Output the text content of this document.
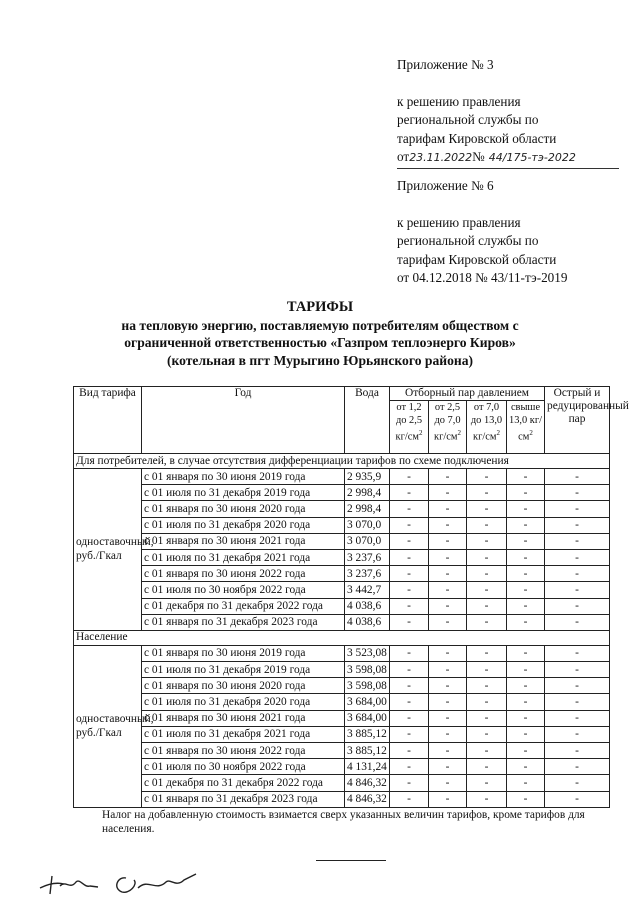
Приложение № 3
к решению правления
региональной службы по
тарифам Кировской области
от23.11.2022№ 44/175-тэ-2022
Приложение № 6
к решению правления
региональной службы по
тарифам Кировской области
от 04.12.2018 № 43/11-тэ-2019
ТАРИФЫ
на тепловую энергию, поставляемую потребителям обществом с
ограниченной ответственностью «Газпром теплоэнерго Киров»
(котельная в пгт Мурыгино Юрьянского района)
Вид тарифа	Год	Вода	Отборный пар давлением				Острый и редуцированный пар
			от 1,2 до 2,5 $кг/см^2$	от 2,5 до 7,0 $кг/см^2$	от 7,0 до 13,0 $кг/см^2$	свыше 13,0 $кг/см^2$
Для потребителей, в случае отсутствия дифференциации тарифов по схеме подключения							
одноставочный, руб./Гкал	с 01 января по 30 июня 2019 года	2 935,9	-	-	-	-	-
	с 01 июля по 31 декабря 2019 года	2 998,4	-	-	-	-	-
	с 01 января по 30 июня 2020 года	2 998,4	-	-	-	-	-
	с 01 июля по 31 декабря 2020 года	3 070,0	-	-	-	-	-
	с 01 января по 30 июня 2021 года	3 070,0	-	-	-	-	-
	с 01 июля по 31 декабря 2021 года	3 237,6	-	-	-	-	-
	с 01 января по 30 июня 2022 года	3 237,6	-	-	-	-	-
	с 01 июля по 30 ноября 2022 года	3 442,7	-	-	-	-	-
	с 01 декабря по 31 декабря 2022 года	4 038,6	-	-	-	-	-
	с 01 января по 31 декабря 2023 года	4 038,6	-	-	-	-	-
Население							
одноставочный, руб./Гкал	с 01 января по 30 июня 2019 года	3 523,08	-	-	-	-	-
	с 01 июля по 31 декабря 2019 года	3 598,08	-	-	-	-	-
	с 01 января по 30 июня 2020 года	3 598,08	-	-	-	-	-
	с 01 июля по 31 декабря 2020 года	3 684,00	-	-	-	-	-
	с 01 января по 30 июня 2021 года	3 684,00	-	-	-	-	-
	с 01 июля по 31 декабря 2021 года	3 885,12	-	-	-	-	-
	с 01 января по 30 июня 2022 года	3 885,12	-	-	-	-	-
	с 01 июля по 30 ноября 2022 года	4 131,24	-	-	-	-	-
	с 01 декабря по 31 декабря 2022 года	4 846,32	-	-	-	-	-
	с 01 января по 31 декабря 2023 года	4 846,32	-	-	-	-	-
Налог на добавленную стоимость взимается сверх указанных величин тарифов, кроме тарифов для населения.
